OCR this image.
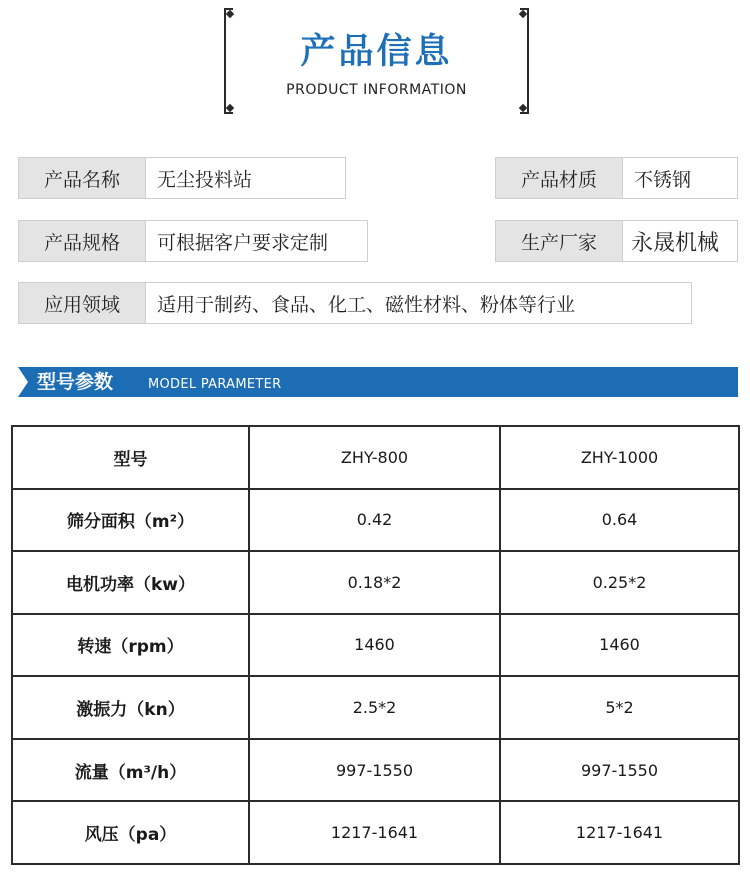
产品信息
PRODUCT INFORMATION
产品名称	无尘投料站	产品材质	不锈钢
产品规格	可根据客户要求定制	生产厂家	永晟机械
应用领域	适用于制药、食品、化工、磁性材料、粉体等行业
型号参数	MODEL PARAMETER
型号	ZHY-800	ZHY-1000
筛分面积（m²）	0.42	0.64
电机功率（kw）	0.18*2	0.25*2
转速（rpm）	1460	1460
激振力（kn）	2.5*2	5*2
流量（m³/h）	997-1550	997-1550
风压（pa）	1217-1641	1217-1641
